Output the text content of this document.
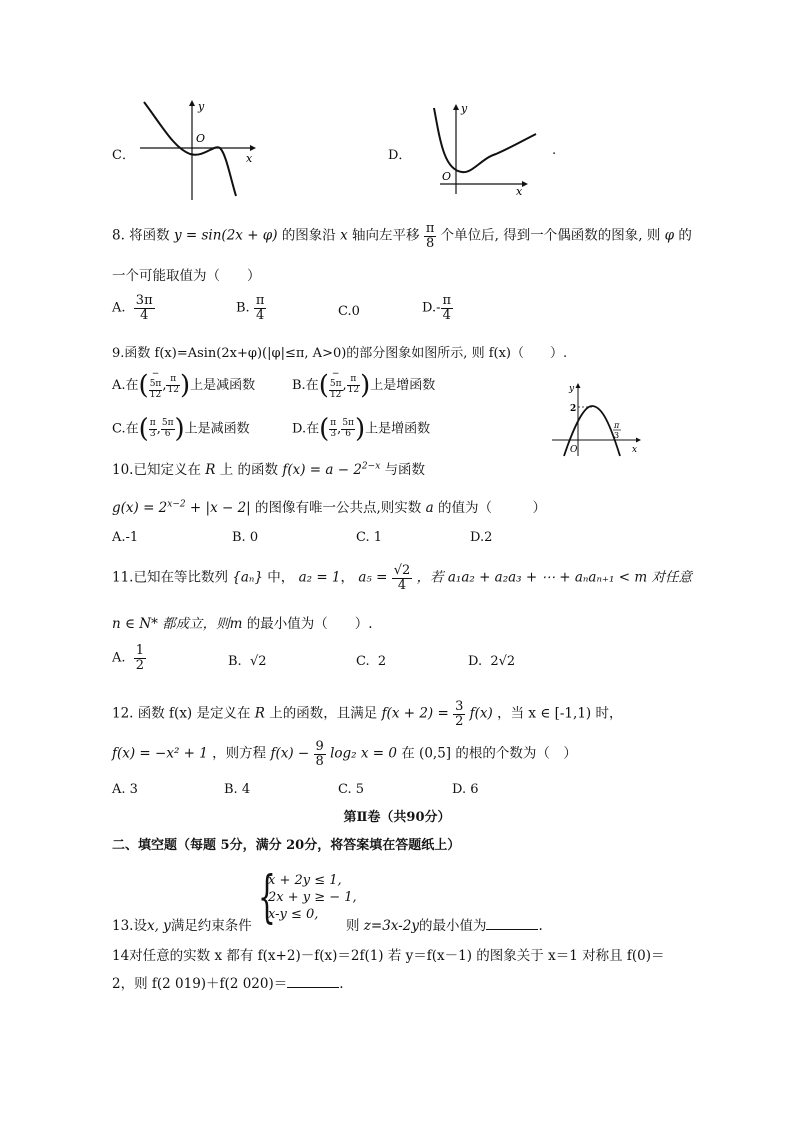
C．
y
O
x	D．
y
O
x
.
8. 将函数 y = sin(2x + φ) 的图象沿 x 轴向左平移 $\frac{\pi}{8}$ 个单位后, 得到一个偶函数的图象, 则 φ 的
一个可能取值为（　　）
A. $\frac{3\pi}{4}$	B. $\frac{\pi}{4}$	C.0	$D.- \frac{\pi}{4}$
9.函数 f(x)=Asin(2x+φ)(|φ|≤π, A>0)的部分图象如图所示, 则 f(x)（　　）.
A.在( −
5π
12
, $\frac{\pi}{12}$ )上是减函数	B.在( −
5π
12
, $\frac{\pi}{12}$ )上是增函数
C.在( $\frac{\pi}{3}$ , $\frac{5\pi}{6}$ )上是减函数	D.在( $\frac{\pi}{3}$ , $\frac{5\pi}{6}$ )上是增函数
y
2
O
π
3
x
10.已知定义在 R 上 的函数 $f(x) = a - 2^{2-x}$ 与函数
$g(x) = 2^{x-2} + |x - 2|$ 的图像有唯一公共点,则实数 a 的值为（　　　）
A.-1	B. 0	C. 1	D.2
11.已知在等比数列 {aₙ} 中， a₂ = 1， $a_5 = \frac{√2}{4}$ ，若 a₁a₂ + a₂a₃ + ⋯ + aₙaₙ₊₁ < m 对任意
n ∈ N* 都成立，则m 的最小值为（　　）.
A. $\frac{1}{2}$	B. √2	C. 2	D. 2√2
12. 函数 f(x) 是定义在 R 上的函数，且满足 $f(x + 2) = \frac{3}{2} f(x)$ ，当 x ∈ [-1,1) 时，
f(x) = −x² + 1 ，则方程 $f(x) - \frac{9}{8} \log_2$ x = 0 在 (0,5] 的根的个数为（　）
A. 3	B. 4	C. 5	D. 6
第Ⅱ卷（共90分）
二、填空题（每题 5分，满分 20分，将答案填在答题纸上）
{
x + 2y ≤ 1,
2x + y ≥ − 1,
x-y ≤ 0,
13.设x, y满足约束条件	则 z=3x-2y的最小值为	.
14对任意的实数 x 都有 f(x+2)－f(x)＝2f(1) 若 y＝f(x－1) 的图象关于 x＝1 对称且 f(0)＝
2，则 f(2 019)＋f(2 020)＝	.
